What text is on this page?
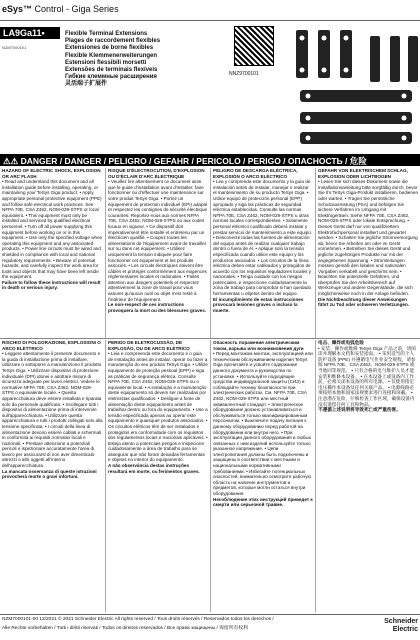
eSys™ Control - Giga Series
LA9Ga11•
NZM7000101
Flexible Terminal Extensions
Plages de raccordement flexibles
Extensiones de borne flexibles
Flexible Klemmenerweiterungen
Estensioni flessibili morsetti
Extensões de terminais flexíveis
Гибкие клеммные расширения
灵活端子扩展件
NNZ9700101
⚠⚠ DANGER / DANGER / PELIGRO / GEFAHR / PERICOLO / PERIGO / ОПАСНОСТЬ / 危险

HAZARD OF ELECTRIC SHOCK, EXPLOSION OR ARC FLASH

• Read and understand this document and all installation guide before installing, operating, or maintaining your TeSys Giga product. • Apply appropriate personal protective equipment (PPE) and follow safe electrical work practices. See NFPA 70E, CSA Z462, NOM-029-STPS or local equivalent. • This equipment must only be installed and serviced by qualified electrical personnel. • Turn off all power supplying this equipment before working on or in this equipment. • Use only the specified voltage when operating this equipment and any associated products. • Power line circuits must be wired and shielded in compliance with local and national regulatory requirements. • Beware of potential hazards, and carefully inspect the work area for tools and objects that may have been left inside the equipment.

Failure to follow these instructions will result in death or serious injury.

RISQUE D'ÉLECTROCUTION, D'EXPLOSION OU D'ÉCLAIR D'ARC ÉLECTRIQUE

• Veuillez lire attentivement ce document ainsi que le guide d'installation avant d'installer, faire fonctionner ou d'effectuer une maintenance sur votre produit TeSys Giga. • Portez un équipement de protection individuel (EPI) adapté et respectez les consignes de sécurité électrique courantes. Reportez-vous aux normes NFPA 70E, CSA Z462, NOM-029-STPS ou aux codes locaux en vigueur. • Ce dispositif doit impérativement être installé et entretenu par un électricien qualifié. • Coupez toutes les alimentations de l'équipement avant de travailler sur ou dans cet équipement. • Utilisez uniquement la tension indiquée pour faire fonctionner cet équipement et les produits associés. • Les circuits électriques doivent être câblés et protégés conformément aux exigences réglementaires locales et nationales. • Faites attention aux dangers potentiels et inspectez attentivement la zone de travail pour vous assurer qu'aucun outil ou objet n'est resté à l'intérieur de l'équipement.

Le non-respect de ces instructions provoquera la mort ou des blessures graves.

PELIGRO DE DESCARGA ELÉCTRICA, EXPLOSIÓN O ARCO ELÉCTRICO

• Lea y comprenda este documento y la guía de instalación antes de instalar, manejar o realizar el mantenimiento de su producto TeSys Giga. • Utilice equipo de protección personal (EPP) apropiado y siga las prácticas de seguridad eléctrica establecidas. Consulte las normas NFPA 70E, CSA Z462, NOM-029-STPS u otras normas locales correspondientes. • Solamente personal eléctrico cualificado deberá instalar y prestar servicio de mantenimiento a este equipo. • Desconecte todas las fuentes de alimentación del equipo antes de realizar cualquier trabajo dentro o fuera de él. • Aplique solo la tensión especificada cuando utilice este equipo y los productos asociados. • Los circuitos de la línea eléctrica deben estar cableados y protegidos de acuerdo con los requisitos reguladores locales y nacionales. • Tenga cuidado con los riesgos potenciales, e inspeccione cuidadosamente la zona de trabajo para comprobar si han quedado herramientas u objetos dentro del equipo.

El incumplimiento de estas instrucciones provocará lesiones graves o incluso la muerte.

GEFAHR VON ELEKTRISCHEM SCHLAG, EXPLOSION ODER LICHTBOGEN

• Lesen Sie sich dieses Dokument sowie die Installationsanleitung bitte sorgfältig durch, bevor Sie Ihr TeSys Giga-Produkt installieren, bedienen oder warten. • Tragen Sie persönliche Schutzausrüstung (PSA) und befolgen Sie sichere Verfahren im Umgang mit Elektrogeräten. Siehe NFPA 70E, CSA Z462, NOM-029-STPS oder lokale Entsprechung. • Dieses Gerät darf nur von qualifiziertem Elektrofachpersonal installiert und gewartet werden. • Schalten Sie jegliche Stromversorgung ab, bevor Sie Arbeiten am oder im Gerät vornehmen. • Betreiben Sie dieses Gerät und jegliche zugehörigen Produkte nur mit der angegebenen Spannung. • Stromleitungen müssen gemäß den lokalen und nationalen Vorgaben verkabelt und geschirmt sein. • Beachten Sie potenzielle Gefahren, und überprüfen Sie den Arbeitsbereich auf Werkzeuge und andere Gegenstände, die sich möglicherweise noch in der Anlage befinden.

Die Nichtbeachtung dieser Anweisungen führt zu Tod oder schweren Verletzungen.

RISCHIO DI FOLGORAZIONE, ESPLOSIONI O ARCO ELETTRICO

• Leggere attentamente il presente documento e la guida di installazione prima di installare, utilizzare o sottoporre a manutenzione il prodotto TeSys Giga. • Utilizzare dispositivi di protezione individuale (DPI) idonei e adottare misure di sicurezza adeguate per lavori elettrici. Vedere le normative NFPA 70E, CSA Z462, NOM-029-STPS o equivalente locale. • Questa apparecchiatura deve essere installata e riparata solo da personale qualificato. • Scollegare tutti i dispositivi di alimentazione prima di intervenire sull'apparecchiatura. • Utilizzare questa apparecchiatura e tutti i prodotti collegati solo alla tensione specificata. • I circuiti della linea di alimentazione devono essere cablati e schermati in conformità ai requisiti normativi locali e nazionali. • Prestare attenzione a potenziali pericoli e ispezionare accuratamente l'area di lavoro per assicurarsi di non aver dimenticato attrezzi o altri oggetti all'interno dell'apparecchiatura.

La mancata osservanza di queste istruzioni provocherà morte o gravi infortuni.

PERIGO DE ELETROCUSSÃO, DE EXPLOSÃO, OU DE ARCO ELÉTRICO

• Leia e compreenda este documento e o guia de instalação antes de instalar, operar ou fazer a manutenção do seu produto TeSys Giga. • Utilize equipamento de proteção pessoal (EPP) e siga as práticas de segurança elétrica. Consulte NFPA 70E, CSA Z462, NOM-029-STPS ou o equivalente local. • A instalação e a manutenção deste equipamento só devem ser realizadas por eletricistas qualificados. • Desligue a fonte de alimentação deste equipamento antes de trabalhar dentro ou fora do equipamento. • Use a tensão especificada apenas ao operar este equipamento e quaisquer produtos associados. • Os circuitos elétricos têm de ser instalados e protegidos em conformidade com os requisitos dos regulamentos locais e nacionais aplicáveis. • Esteja atento a potenciais perigos e inspecione cuidadosamente a área de trabalho para se assegurar que não foram deixadas ferramentas e objetos no interior do equipamento.

A não observância destas instruções resultará em morte, ou ferimentos graves.

Опасность поражения электрическим током, взрыва или возникновения дуги

• Перед монтажом монтаж, эксплуатацией или техническим обслуживанием изделия TeSys Giga прочитайте и усвойте содержание данного документа и руководства по установке. • Используйте подходящие средства индивидуальной защиты (СИЗ) и соблюдайте технику безопасности при электрических работах. См. NFPA 70E, CSA Z462, NOM-029-STPS или местный эквивалентный стандарт. • Электрическое оборудование должно устанавливаться и обслуживаться только квалифицированным персоналом. • Выключите подачу питания к данному оборудованию перед работой на оборудовании или внутри него. • При эксплуатации данного оборудования и любых связанных с ним изделий используйте только указанное напряжение. • Цепи электропитания должны быть подключены и защищены в соответствии с местными и национальными нормативными требованиями. • Избегайте потенциальных опасностей, внимательно осмотрите рабочую область на наличие инструментов и предметов, которые могли остаться внутри оборудования.

Несоблюдение этих инструкций приведет к смерти или серьезной травме.

电击、爆炸或电弧危险

• 安装、操作或维修 TeSys Giga 产品之前，请阅读并理解本文档和安装指南。 • 采用适当的个人防护设备 (PPE) 并遵循电气作业安全规程，请参阅 NFPA 70E、CSA Z462、NOM-029-STPS 或当地同等规范。 • 只有合格的电气维护人员才能安装和维修本设备。 • 在本设备上或设备内工作前，必须关闭本设备的所有电源。 • 仅使用指定电压操作本设备及任何关联产品。 • 电源线路必须按照本地和国家法规要求进行连接和屏蔽。 • 注意潜在危险，仔细检查工作区域，确保设备内没有遗留任何工具和物品。

不遵循上述说明将导致死亡或严重伤害。

NZM7000101-00 12/2021 © 2021 Schneider Electric All rights reserved / Tous droits réservés / Reservados todos los derechos /
Alle Rechte vorbehalten / Tutti i diritti riservati / Todos os direitos reservados / Все права защищены / 保留所有权利
Schneider
Electric
